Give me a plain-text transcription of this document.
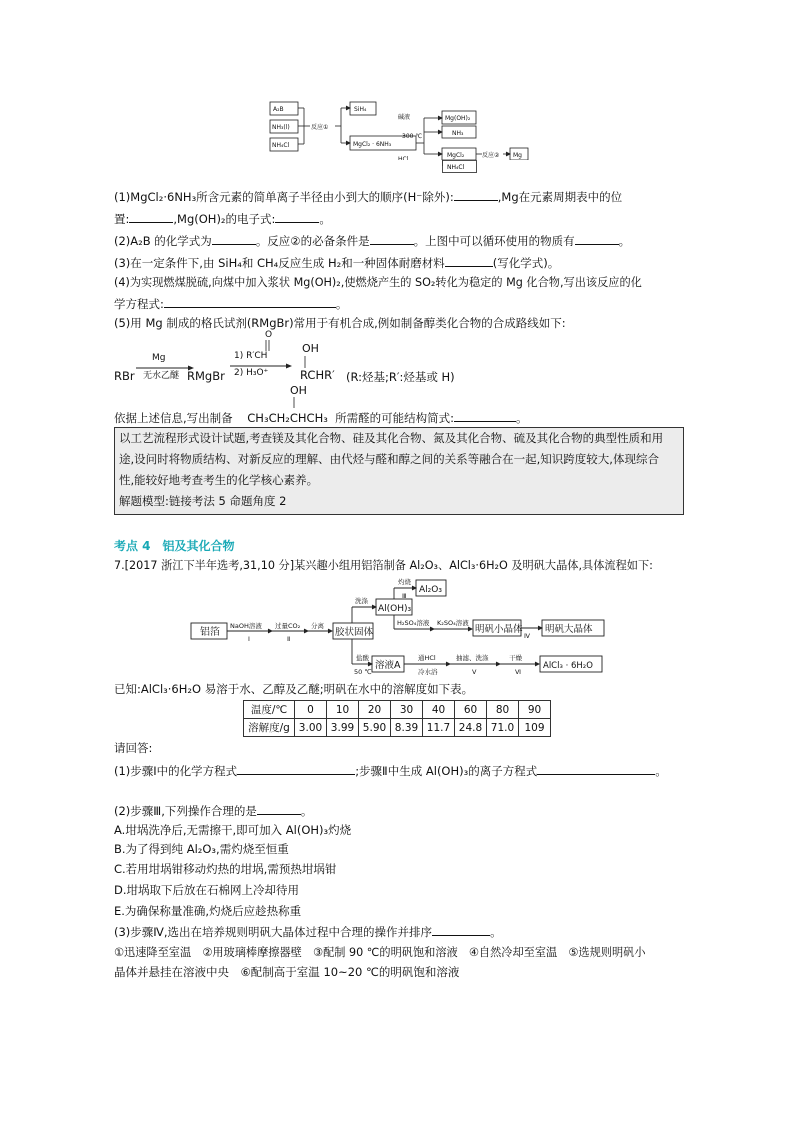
A₂B
NH₃(l)
NH₄Cl
反应①
SiH₄
MgCl₂ · 6NH₃
碱液
300 ℃
HCl
Mg(OH)₂
NH₃
MgCl₂	反应② Mg
NH₄Cl
(1)MgCl₂·6NH₃所含元素的简单离子半径由小到大的顺序(H⁻除外):	,Mg在元素周期表中的位
置:	,Mg(OH)₂的电子式:	。
(2)A₂B 的化学式为	。反应②的必备条件是	。上图中可以循环使用的物质有	。
(3)在一定条件下,由 SiH₄和 CH₄反应生成 H₂和一种固体耐磨材料	(写化学式)。
(4)为实现燃煤脱硫,向煤中加入浆状 Mg(OH)₂,使燃烧产生的 SO₂转化为稳定的 Mg 化合物,写出该反应的化
学方程式:	。
(5)用 Mg 制成的格氏试剂(RMgBr)常用于有机合成,例如制备醇类化合物的合成路线如下:
RBr
Mg
无水乙醚 RMgBr
O
1) R′CH
2) H₃O⁺
OH
RCHR′ (R:烃基;R′:烃基或 H)
OH
依据上述信息,写出制备 CH₃CH₂CHCH₃ 所需醛的可能结构简式:	。
以工艺流程形式设计试题,考查镁及其化合物、硅及其化合物、氮及其化合物、硫及其化合物的典型性质和用
途,设问时将物质结构、对新反应的理解、由代烃与醛和醇之间的关系等融合在一起,知识跨度较大,体现综合
性,能较好地考查考生的化学核心素养。
解题模型:链接考法 5 命题角度 2
考点 4　铝及其化合物
7.[2017 浙江下半年选考,31,10 分]某兴趣小组用铝箔制备 Al₂O₃、AlCl₃·6H₂O 及明矾大晶体,具体流程如下:
铝箔
NaOH溶液
Ⅰ
过量CO₂
Ⅱ
分离
胶状固体
洗涤
Al(OH)₃
灼烧
Ⅲ
Al₂O₃
H₂SO₄溶液 K₂SO₄溶液
明矾小晶体
Ⅳ
明矾大晶体
盐酸
50 ℃
溶液A
通HCl
冷水浴
抽滤、洗涤
Ⅴ
干燥
Ⅵ
AlCl₃ · 6H₂O
已知:AlCl₃·6H₂O 易溶于水、乙醇及乙醚;明矾在水中的溶解度如下表。
温度/℃	0	10	20	30	40	60	80	90
溶解度/g	3.00	3.99	5.90	8.39	11.7	24.8	71.0	109
请回答:
(1)步骤Ⅰ中的化学方程式	;步骤Ⅱ中生成 Al(OH)₃的离子方程式	。
(2)步骤Ⅲ,下列操作合理的是	。
A.坩埚洗净后,无需擦干,即可加入 Al(OH)₃灼烧
B.为了得到纯 Al₂O₃,需灼烧至恒重
C.若用坩埚钳移动灼热的坩埚,需预热坩埚钳
D.坩埚取下后放在石棉网上冷却待用
E.为确保称量准确,灼烧后应趁热称重
(3)步骤Ⅳ,选出在培养规则明矾大晶体过程中合理的操作并排序	。
①迅速降至室温　②用玻璃棒摩擦器壁　③配制 90 ℃的明矾饱和溶液　④自然冷却至室温　⑤选规则明矾小
晶体并悬挂在溶液中央　⑥配制高于室温 10~20 ℃的明矾饱和溶液
